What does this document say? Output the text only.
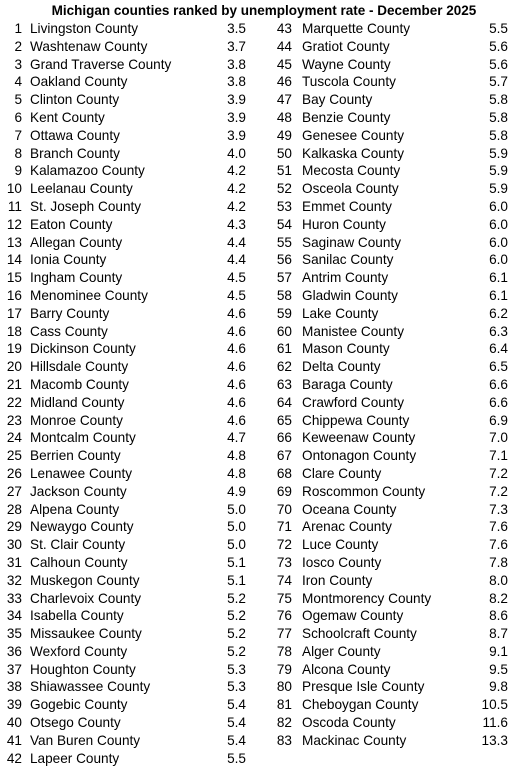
Michigan counties ranked by unemployment rate - December 2025
1 Livingston County	3.5
2 Washtenaw County	3.7
3 Grand Traverse County	3.8
4 Oakland County	3.8
5 Clinton County	3.9
6 Kent County	3.9
7 Ottawa County	3.9
8 Branch County	4.0
9 Kalamazoo County	4.2
10 Leelanau County	4.2
11 St. Joseph County	4.2
12 Eaton County	4.3
13 Allegan County	4.4
14 Ionia County	4.4
15 Ingham County	4.5
16 Menominee County	4.5
17 Barry County	4.6
18 Cass County	4.6
19 Dickinson County	4.6
20 Hillsdale County	4.6
21 Macomb County	4.6
22 Midland County	4.6
23 Monroe County	4.6
24 Montcalm County	4.7
25 Berrien County	4.8
26 Lenawee County	4.8
27 Jackson County	4.9
28 Alpena County	5.0
29 Newaygo County	5.0
30 St. Clair County	5.0
31 Calhoun County	5.1
32 Muskegon County	5.1
33 Charlevoix County	5.2
34 Isabella County	5.2
35 Missaukee County	5.2
36 Wexford County	5.2
37 Houghton County	5.3
38 Shiawassee County	5.3
39 Gogebic County	5.4
40 Otsego County	5.4
41 Van Buren County	5.4
42 Lapeer County	5.5
43 Marquette County	5.5
44 Gratiot County	5.6
45 Wayne County	5.6
46 Tuscola County	5.7
47 Bay County	5.8
48 Benzie County	5.8
49 Genesee County	5.8
50 Kalkaska County	5.9
51 Mecosta County	5.9
52 Osceola County	5.9
53 Emmet County	6.0
54 Huron County	6.0
55 Saginaw County	6.0
56 Sanilac County	6.0
57 Antrim County	6.1
58 Gladwin County	6.1
59 Lake County	6.2
60 Manistee County	6.3
61 Mason County	6.4
62 Delta County	6.5
63 Baraga County	6.6
64 Crawford County	6.6
65 Chippewa County	6.9
66 Keweenaw County	7.0
67 Ontonagon County	7.1
68 Clare County	7.2
69 Roscommon County	7.2
70 Oceana County	7.3
71 Arenac County	7.6
72 Luce County	7.6
73 Iosco County	7.8
74 Iron County	8.0
75 Montmorency County	8.2
76 Ogemaw County	8.6
77 Schoolcraft County	8.7
78 Alger County	9.1
79 Alcona County	9.5
80 Presque Isle County	9.8
81 Cheboygan County	10.5
82 Oscoda County	11.6
83 Mackinac County	13.3
